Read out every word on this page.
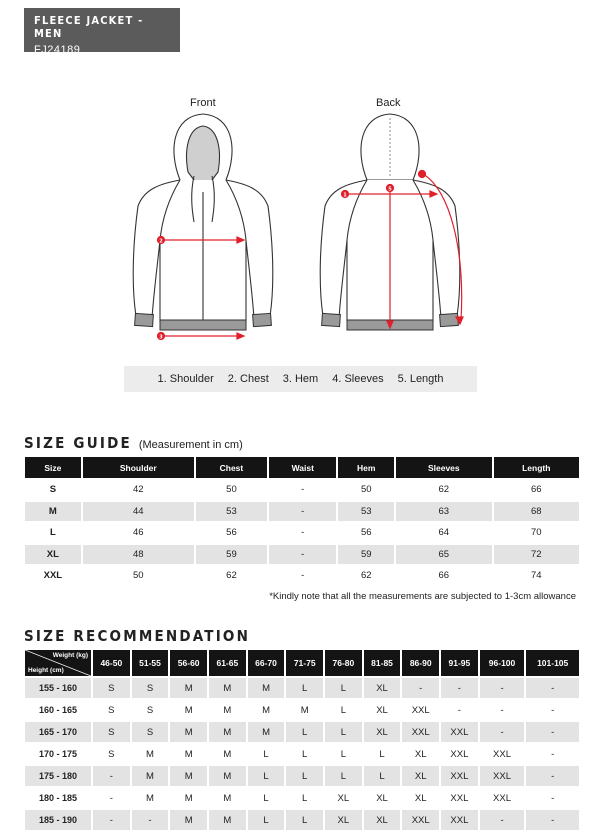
FLEECE JACKET - MEN
FJ24189
Front	Back
2
3
1
5
1. Shoulder 2. Chest 3. Hem 4. Sleeves 5. Length
SIZE GUIDE (Measurement in cm)
Size	Shoulder	Chest	Waist	Hem	Sleeves	Length
S	42	50	-	50	62	66
M	44	53	-	53	63	68
L	46	56	-	56	64	70
XL	48	59	-	59	65	72
XXL	50	62	-	62	66	74
*Kindly note that all the measurements are subjected to 1-3cm allowance
SIZE RECOMMENDATION
Weight (kg)
Height (cm)	46-50	51-55	56-60	61-65	66-70	71-75	76-80	81-85	86-90	91-95	96-100	101-105
155 - 160	S	S	M	M	M	L	L	XL	-	-	-	-
160 - 165	S	S	M	M	M	M	L	XL	XXL	-	-	-
165 - 170	S	S	M	M	M	L	L	XL	XXL	XXL	-	-
170 - 175	S	M	M	M	L	L	L	L	XL	XXL	XXL	-
175 - 180	-	M	M	M	L	L	L	L	XL	XXL	XXL	-
180 - 185	-	M	M	M	L	L	XL	XL	XL	XXL	XXL	-
185 - 190	-	-	M	M	L	L	XL	XL	XXL	XXL	-	-
